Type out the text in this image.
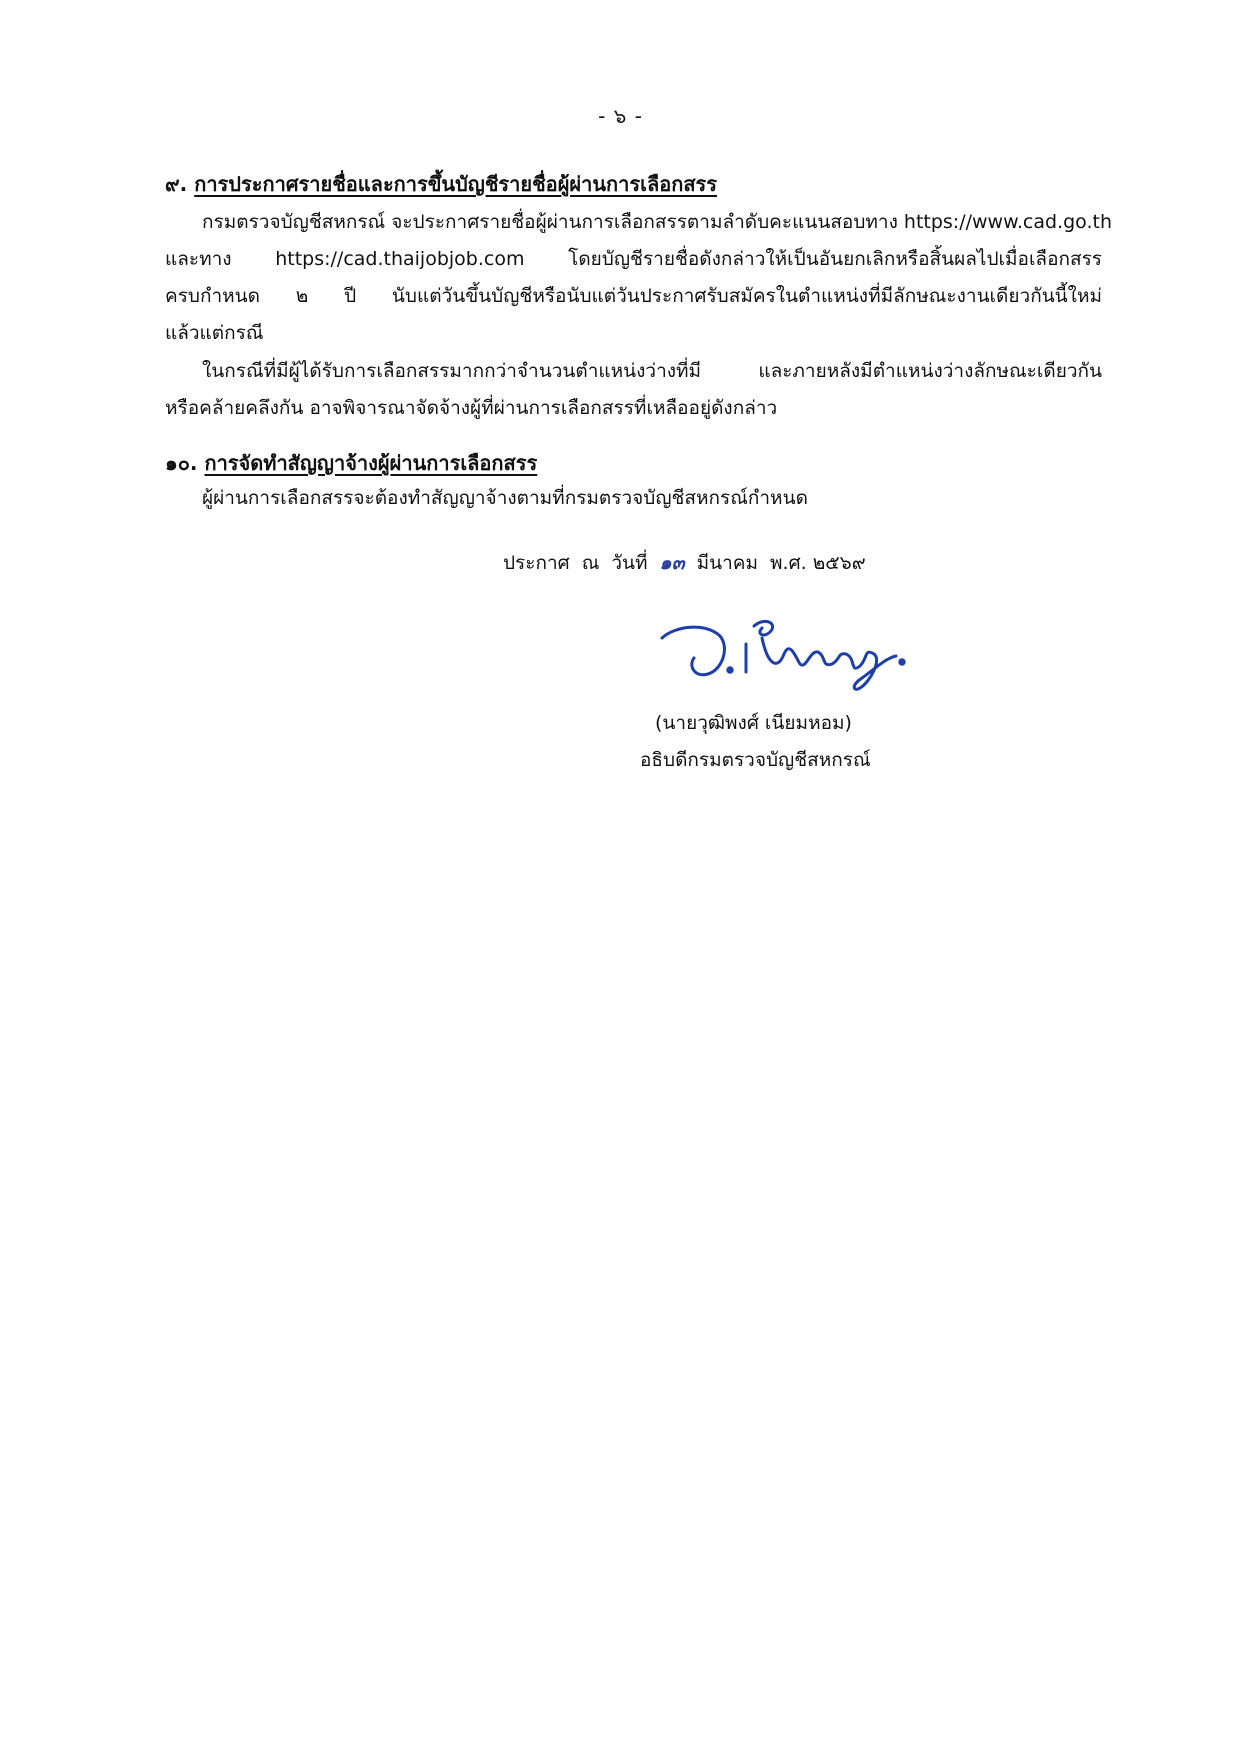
- ๖ -
๙. การประกาศรายชื่อและการขึ้นบัญชีรายชื่อผู้ผ่านการเลือกสรร
กรมตรวจบัญชีสหกรณ์ จะประกาศรายชื่อผู้ผ่านการเลือกสรรตามลำดับคะแนนสอบทาง https://www.cad.go.th
และทาง https://cad.thaijobjob.com โดยบัญชีรายชื่อดังกล่าวให้เป็นอันยกเลิกหรือสิ้นผลไปเมื่อเลือกสรร
ครบกำหนด ๒ ปี นับแต่วันขึ้นบัญชีหรือนับแต่วันประกาศรับสมัครในตำแหน่งที่มีลักษณะงานเดียวกันนี้ใหม่
แล้วแต่กรณี
ในกรณีที่มีผู้ได้รับการเลือกสรรมากกว่าจำนวนตำแหน่งว่างที่มี และภายหลังมีตำแหน่งว่างลักษณะเดียวกัน
หรือคล้ายคลึงกัน อาจพิจารณาจัดจ้างผู้ที่ผ่านการเลือกสรรที่เหลืออยู่ดังกล่าว
๑๐. การจัดทำสัญญาจ้างผู้ผ่านการเลือกสรร
ผู้ผ่านการเลือกสรรจะต้องทำสัญญาจ้างตามที่กรมตรวจบัญชีสหกรณ์กำหนด
ประกาศ ณ วันที่ ๑๓ มีนาคม พ.ศ. ๒๕๖๙
(นายวุฒิพงศ์ เนียมหอม)
อธิบดีกรมตรวจบัญชีสหกรณ์
